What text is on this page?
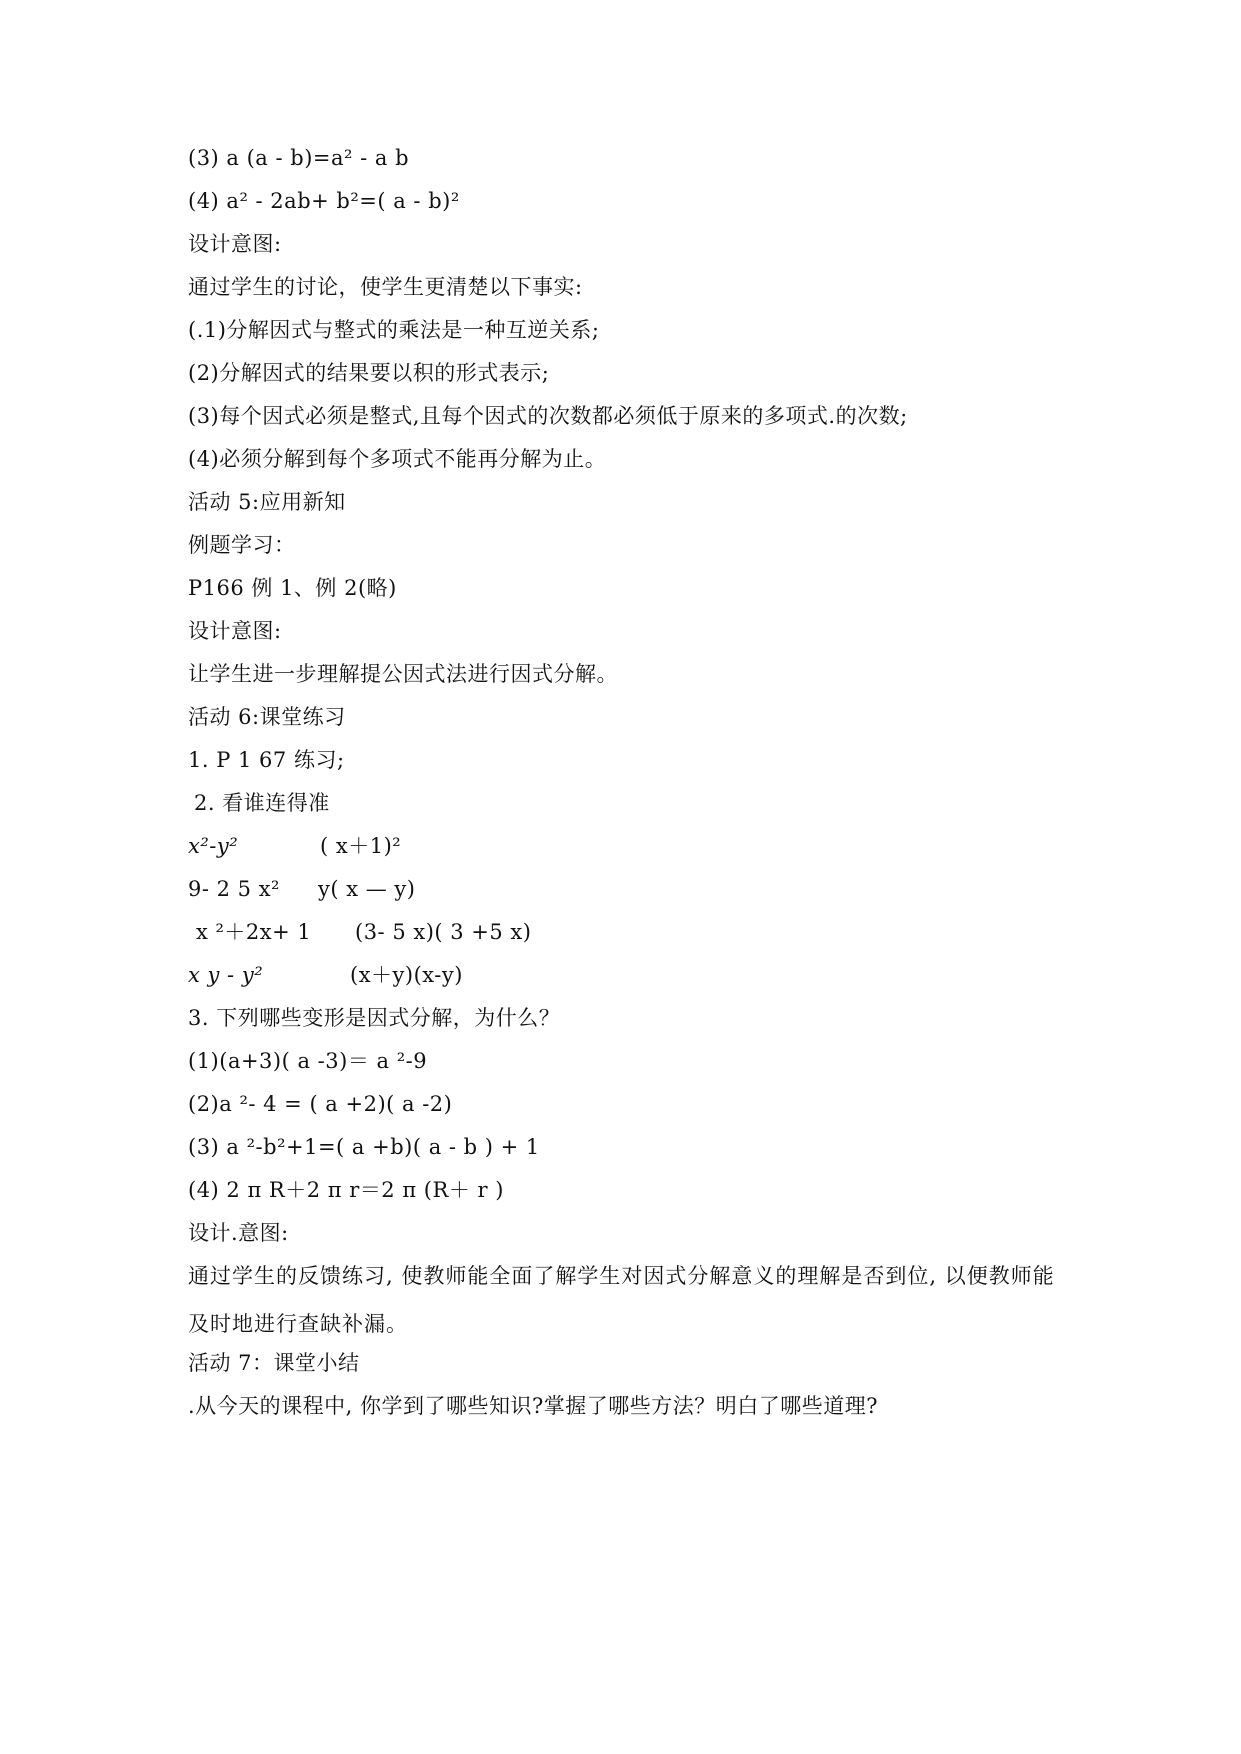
(3) a (a - b)=a² - a b
(4) a² - 2ab+ b²=( a - b)²
设计意图:
通过学生的讨论，使学生更清楚以下事实:
(.1)分解因式与整式的乘法是一种互逆关系;
(2)分解因式的结果要以积的形式表示;
(3)每个因式必须是整式,且每个因式的次数都必须低于原来的多项式.的次数;
(4)必须分解到每个多项式不能再分解为止。
活动 5:应用新知
例题学习：
P166 例 1、例 2(略)
设计意图:
让学生进一步理解提公因式法进行因式分解。
活动 6:课堂练习
1. P 1 67 练习;
2. 看谁连得准
x²-y²	( x＋1)²
9- 2 5 x² y( x — y)
x ²＋2x+ 1 (3- 5 x)( 3 +5 x)
x y - y²	(x＋y)(x-y)
3. 下列哪些变形是因式分解，为什么？
(1)(a+3)( a -3)＝ a ²-9
(2)a ²- 4 = ( a +2)( a -2)
(3) a ²-b²+1=( a +b)( a - b ) + 1
(4) 2 π R＋2 π r＝2 π (R＋ r )
设计.意图:
通过学生的反馈练习, 使教师能全面了解学生对因式分解意义的理解是否到位, 以便教师能及时地进行查缺补漏。
活动 7：课堂小结
.从今天的课程中, 你学到了哪些知识?掌握了哪些方法？明白了哪些道理?
